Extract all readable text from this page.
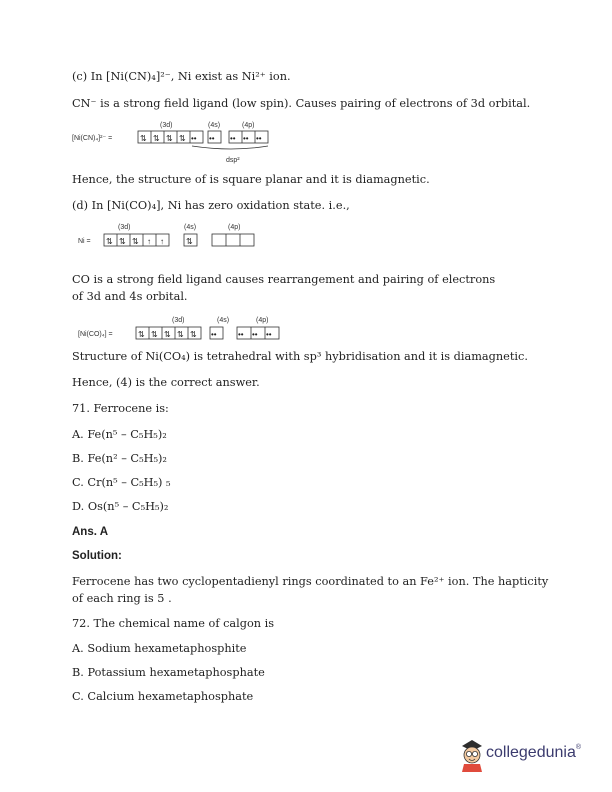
(c) In [Ni(CN)₄]²⁻, Ni exist as Ni²⁺ ion.
CN⁻ is a strong field ligand (low spin). Causes pairing of electrons of 3d orbital.
(3d)	(4s)	(4p)
[Ni(CN)₄]²⁻ =	⇅ ⇅ ⇅ ⇅ •• •• •• •• ••
dsp²
Hence, the structure of is square planar and it is diamagnetic.
(d) In [Ni(CO)₄], Ni has zero oxidation state. i.e.,
(3d)	(4s)	(4p)
Ni = ⇅ ⇅ ⇅ ↑ ↑	⇅
CO is a strong field ligand causes rearrangement and pairing of electrons
of 3d and 4s orbital.
(3d)	(4s)	(4p)
[Ni(CO)₄] =	⇅ ⇅ ⇅ ⇅ ⇅ ••	•• •• ••
Structure of Ni(CO₄) is tetrahedral with sp³ hybridisation and it is diamagnetic.
Hence, (4) is the correct answer.
71. Ferrocene is:
A. Fe(n⁵ – C₅H₅)₂
B. Fe(n² – C₅H₅)₂
C. Cr(n⁵ – C₅H₅) ₅
D. Os(n⁵ – C₅H₅)₂
Ans. A
Solution:
Ferrocene has two cyclopentadienyl rings coordinated to an Fe²⁺ ion. The hapticity
of each ring is 5 .
72. The chemical name of calgon is
A. Sodium hexametaphosphite
B. Potassium hexametaphosphate
C. Calcium hexametaphosphate
collegedunia®
